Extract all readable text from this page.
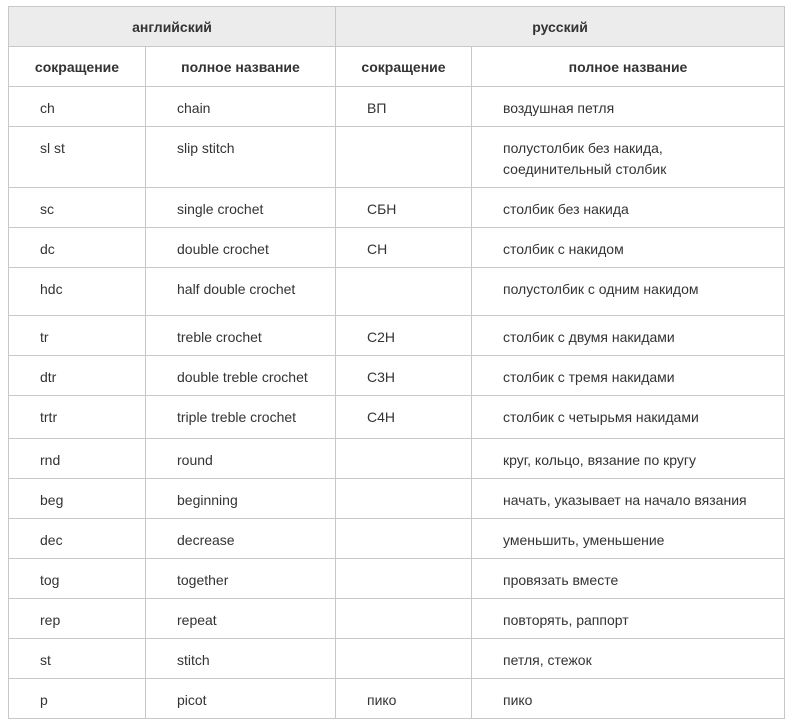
английский		русский	
сокращение	полное название	сокращение	полное название
ch	chain	ВП	воздушная петля
sl st	slip stitch		полустолбик без накида,
соединительный столбик
sc	single crochet	СБН	столбик без накида
dc	double crochet	СН	столбик с накидом
hdc	half double crochet		полустолбик с одним накидом
tr	treble crochet	С2Н	столбик с двумя накидами
dtr	double treble crochet	С3Н	столбик с тремя накидами
trtr	triple treble crochet	С4Н	столбик с четырьмя накидами
rnd	round		круг, кольцо, вязание по кругу
beg	beginning		начать, указывает на начало вязания
dec	decrease		уменьшить, уменьшение
tog	together		провязать вместе
rep	repeat		повторять, раппорт
st	stitch		петля, стежок
p	picot	пико	пико
